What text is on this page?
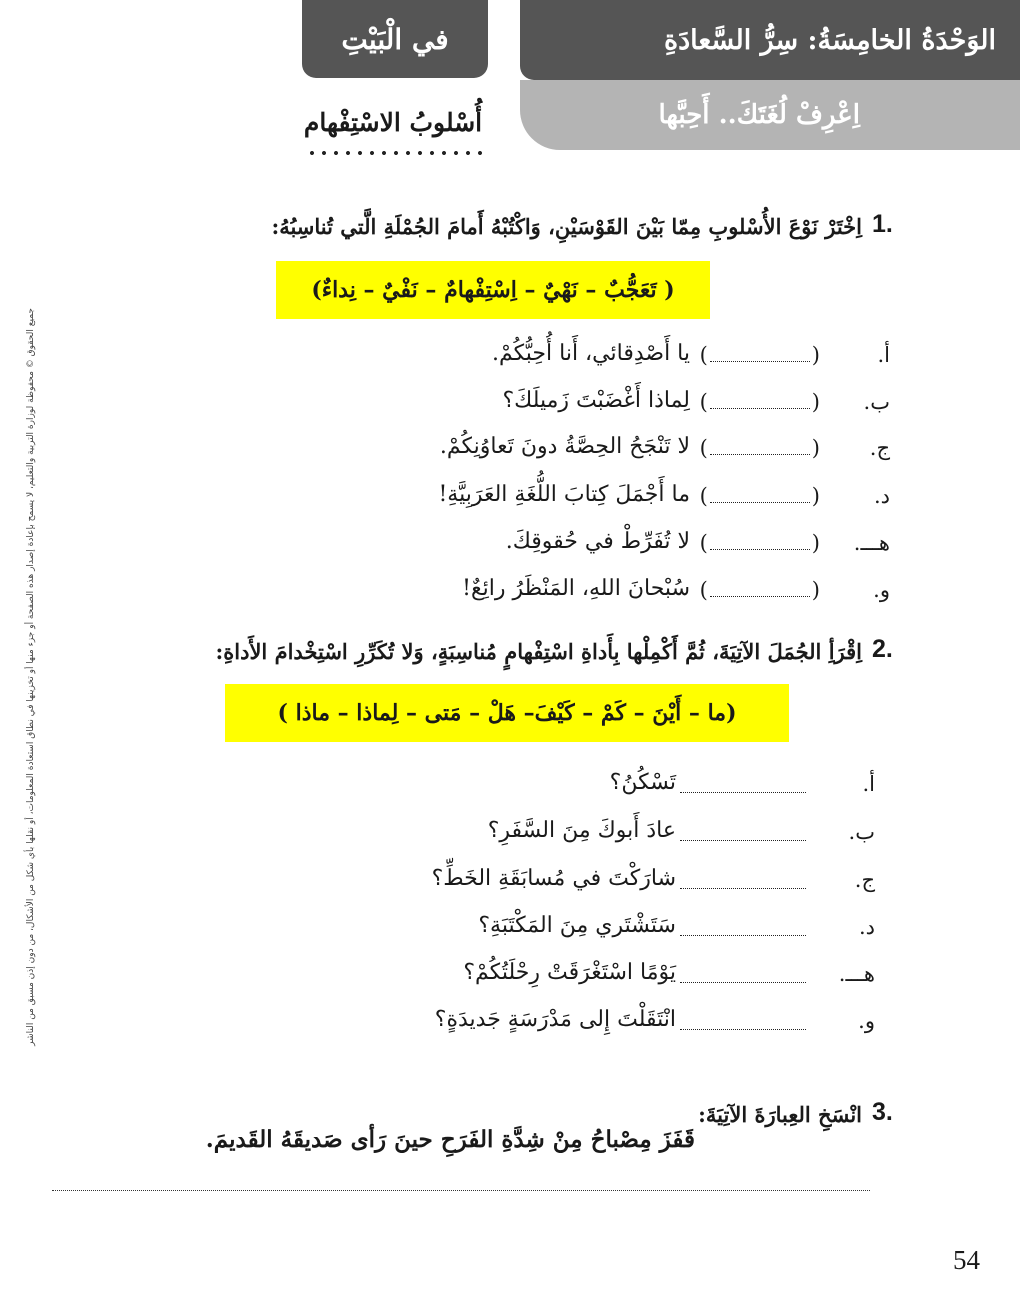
في الْبَيْتِ	الوَحْدَةُ الخامِسَةُ: سِرُّ السَّعادَةِ
اِعْرِفْ لُغَتَكَ.. أَحِبَّها
أُسْلوبُ الاسْتِفْهام
جميع الحقوق © محفوظة لوزارة التربية والتعليم، لا يسمح بإعادة إصدار هذه الصفحة أو جزء منها أو تخزينها في نطاق استعادة المعلومات، أو نقلها بأي شكل من الأشكال، من دون إذن مسبق من الناشر
1.
اِخْتَرْ نَوْعَ الأُسْلوبِ مِمّا بَيْنَ القَوْسَيْنِ، وَاكْتُبْهُ أَمامَ الجُمْلَةِ الَّتي تُناسِبُهُ:
( تَعَجُّبٌ – نَهْيٌ – اِسْتِفْهامٌ – نَفْيٌ – نِداءٌ)
أ.
()
يا أَصْدِقائي، أَنا أُحِبُّكُمْ.
ب.
()
لِماذا أَغْضَبْتَ زَميلَكَ؟
ج.
()
لا تَنْجَحُ الحِصَّةُ دونَ تَعاوُنِكُمْ.
د.
()
ما أَجْمَلَ كِتابَ اللُّغَةِ العَرَبِيَّةِ!
هـــ.
()
لا تُفَرِّطْ في حُقوقِكَ.
و.
()
سُبْحانَ اللهِ، المَنْظَرُ رائِعٌ!
2.
اِقْرَأِ الجُمَلَ الآتِيَةَ، ثُمَّ أَكْمِلْها بِأَداةِ اسْتِفْهامٍ مُناسِبَةٍ، وَلا تُكَرِّرِ اسْتِخْدامَ الأَداةِ:
(ما – أَيْنَ – كَمْ – كَيْفَ– هَلْ – مَتى – لِماذا – ماذا )
أ.
تَسْكُنُ؟
ب.
عادَ أَبوكَ مِنَ السَّفَرِ؟
ج.
شارَكْتَ في مُسابَقَةِ الخَطِّ؟
د.
سَتَشْتَري مِنَ المَكْتَبَةِ؟
هـــ.
يَوْمًا اسْتَغْرَقَتْ رِحْلَتُكُمْ؟
و.
انْتَقَلْتَ إِلى مَدْرَسَةٍ جَديدَةٍ؟
3.
انْسَخِ العِبارَةَ الآتِيَةَ:
قَفَزَ مِصْباحُ مِنْ شِدَّةِ الفَرَحِ حينَ رَأى صَديقَهُ القَديمَ.
54
